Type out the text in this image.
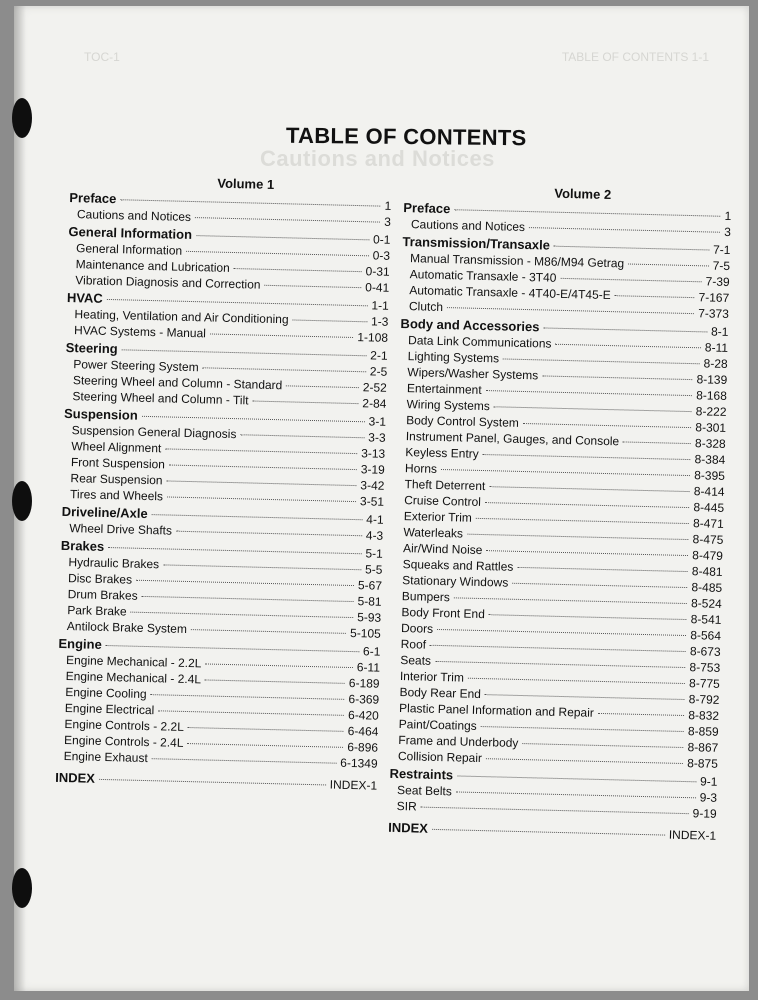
TOC-1	TABLE OF CONTENTS 1-1
Cautions and Notices
TABLE OF CONTENTS
Volume 1
Preface	1
Cautions and Notices	3
General Information	0-1
General Information	0-3
Maintenance and Lubrication	0-31
Vibration Diagnosis and Correction	0-41
HVAC	1-1
Heating, Ventilation and Air Conditioning	1-3
HVAC Systems - Manual	1-108
Steering	2-1
Power Steering System	2-5
Steering Wheel and Column - Standard	2-52
Steering Wheel and Column - Tilt	2-84
Suspension	3-1
Suspension General Diagnosis	3-3
Wheel Alignment	3-13
Front Suspension	3-19
Rear Suspension	3-42
Tires and Wheels	3-51
Driveline/Axle	4-1
Wheel Drive Shafts	4-3
Brakes	5-1
Hydraulic Brakes	5-5
Disc Brakes	5-67
Drum Brakes	5-81
Park Brake	5-93
Antilock Brake System	5-105
Engine	6-1
Engine Mechanical - 2.2L	6-11
Engine Mechanical - 2.4L	6-189
Engine Cooling	6-369
Engine Electrical	6-420
Engine Controls - 2.2L	6-464
Engine Controls - 2.4L	6-896
Engine Exhaust	6-1349
INDEX	INDEX-1
Volume 2
Preface	1
Cautions and Notices	3
Transmission/Transaxle	7-1
Manual Transmission - M86/M94 Getrag	7-5
Automatic Transaxle - 3T40	7-39
Automatic Transaxle - 4T40-E/4T45-E	7-167
Clutch	7-373
Body and Accessories	8-1
Data Link Communications	8-11
Lighting Systems	8-28
Wipers/Washer Systems	8-139
Entertainment	8-168
Wiring Systems	8-222
Body Control System	8-301
Instrument Panel, Gauges, and Console	8-328
Keyless Entry	8-384
Horns	8-395
Theft Deterrent	8-414
Cruise Control	8-445
Exterior Trim	8-471
Waterleaks	8-475
Air/Wind Noise	8-479
Squeaks and Rattles	8-481
Stationary Windows	8-485
Bumpers	8-524
Body Front End	8-541
Doors	8-564
Roof	8-673
Seats	8-753
Interior Trim	8-775
Body Rear End	8-792
Plastic Panel Information and Repair	8-832
Paint/Coatings	8-859
Frame and Underbody	8-867
Collision Repair	8-875
Restraints	9-1
Seat Belts	9-3
SIR	9-19
INDEX	INDEX-1
